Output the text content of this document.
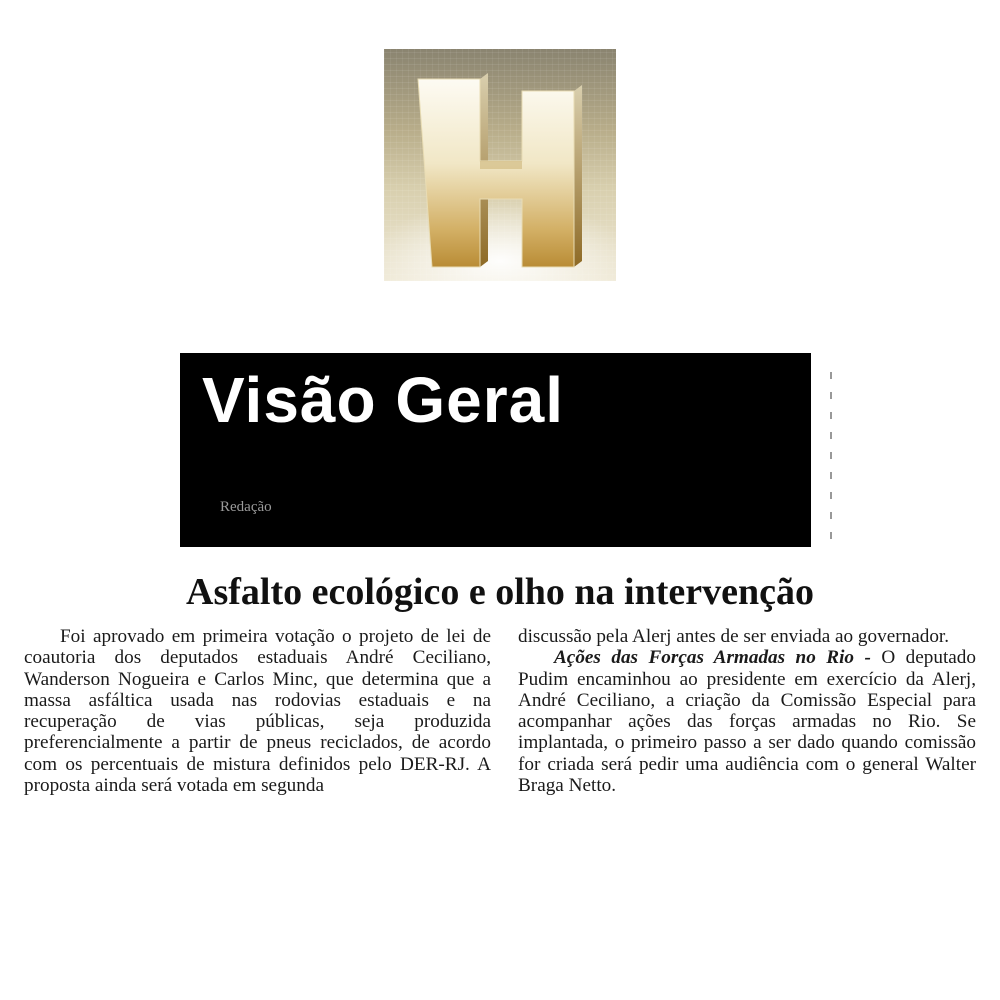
Visão Geral
Redação
Asfalto ecológico e olho na intervenção

Foi aprovado em primeira votação o projeto de lei de coautoria dos deputados estaduais André Ceciliano, Wanderson Nogueira e Carlos Minc, que determina que a massa asfáltica usada nas rodovias estaduais e na recuperação de vias públicas, seja produzida preferencialmente a partir de pneus reciclados, de acordo com os percentuais de mistura definidos pelo DER-RJ. A proposta ainda será votada em segunda

discussão pela Alerj antes de ser enviada ao governador.

Ações das Forças Armadas no Rio - O deputado Pudim encaminhou ao presidente em exercício da Alerj, André Ceciliano, a criação da Comissão Especial para acompanhar ações das forças armadas no Rio. Se implantada, o primeiro passo a ser dado quando comissão for criada será pedir uma audiência com o general Walter Braga Netto.
